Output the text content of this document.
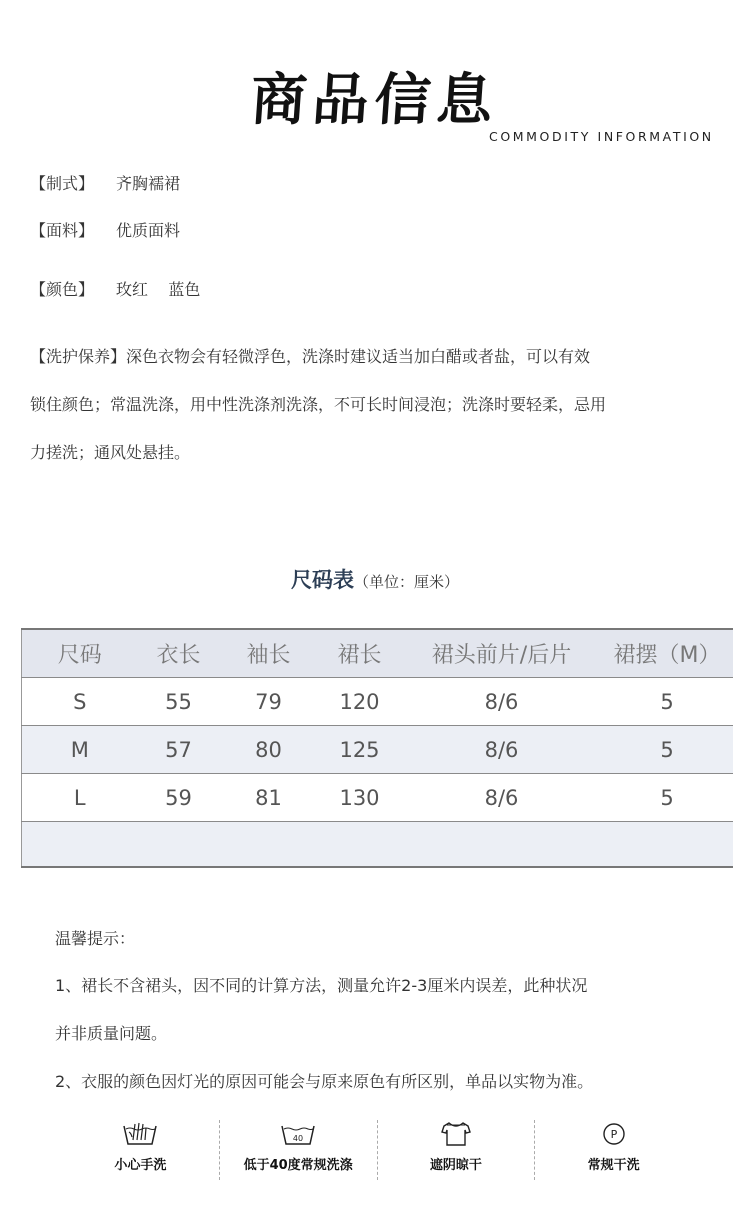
商品信息
COMMODITY INFORMATION
【制式】 齐胸襦裙
【面料】 优质面料
【颜色】 玫红    蓝色
【洗护保养】深色衣物会有轻微浮色，洗涤时建议适当加白醋或者盐，可以有效
锁住颜色；常温洗涤，用中性洗涤剂洗涤，不可长时间浸泡；洗涤时要轻柔，忌用
力搓洗；通风处悬挂。
尺码表（单位：厘米）
尺码	衣长	袖长	裙长	裙头前片/后片	裙摆（M）
S	55	79	120	8/6	5
M	57	80	125	8/6	5
L	59	81	130	8/6	5

温馨提示：
1、裙长不含裙头，因不同的计算方法，测量允许2-3厘米内误差，此种状况
并非质量问题。
2、衣服的颜色因灯光的原因可能会与原来原色有所区别，单品以实物为准。
小心手洗
40
低于40度常规洗涤	遮阴晾干
P
常规干洗
